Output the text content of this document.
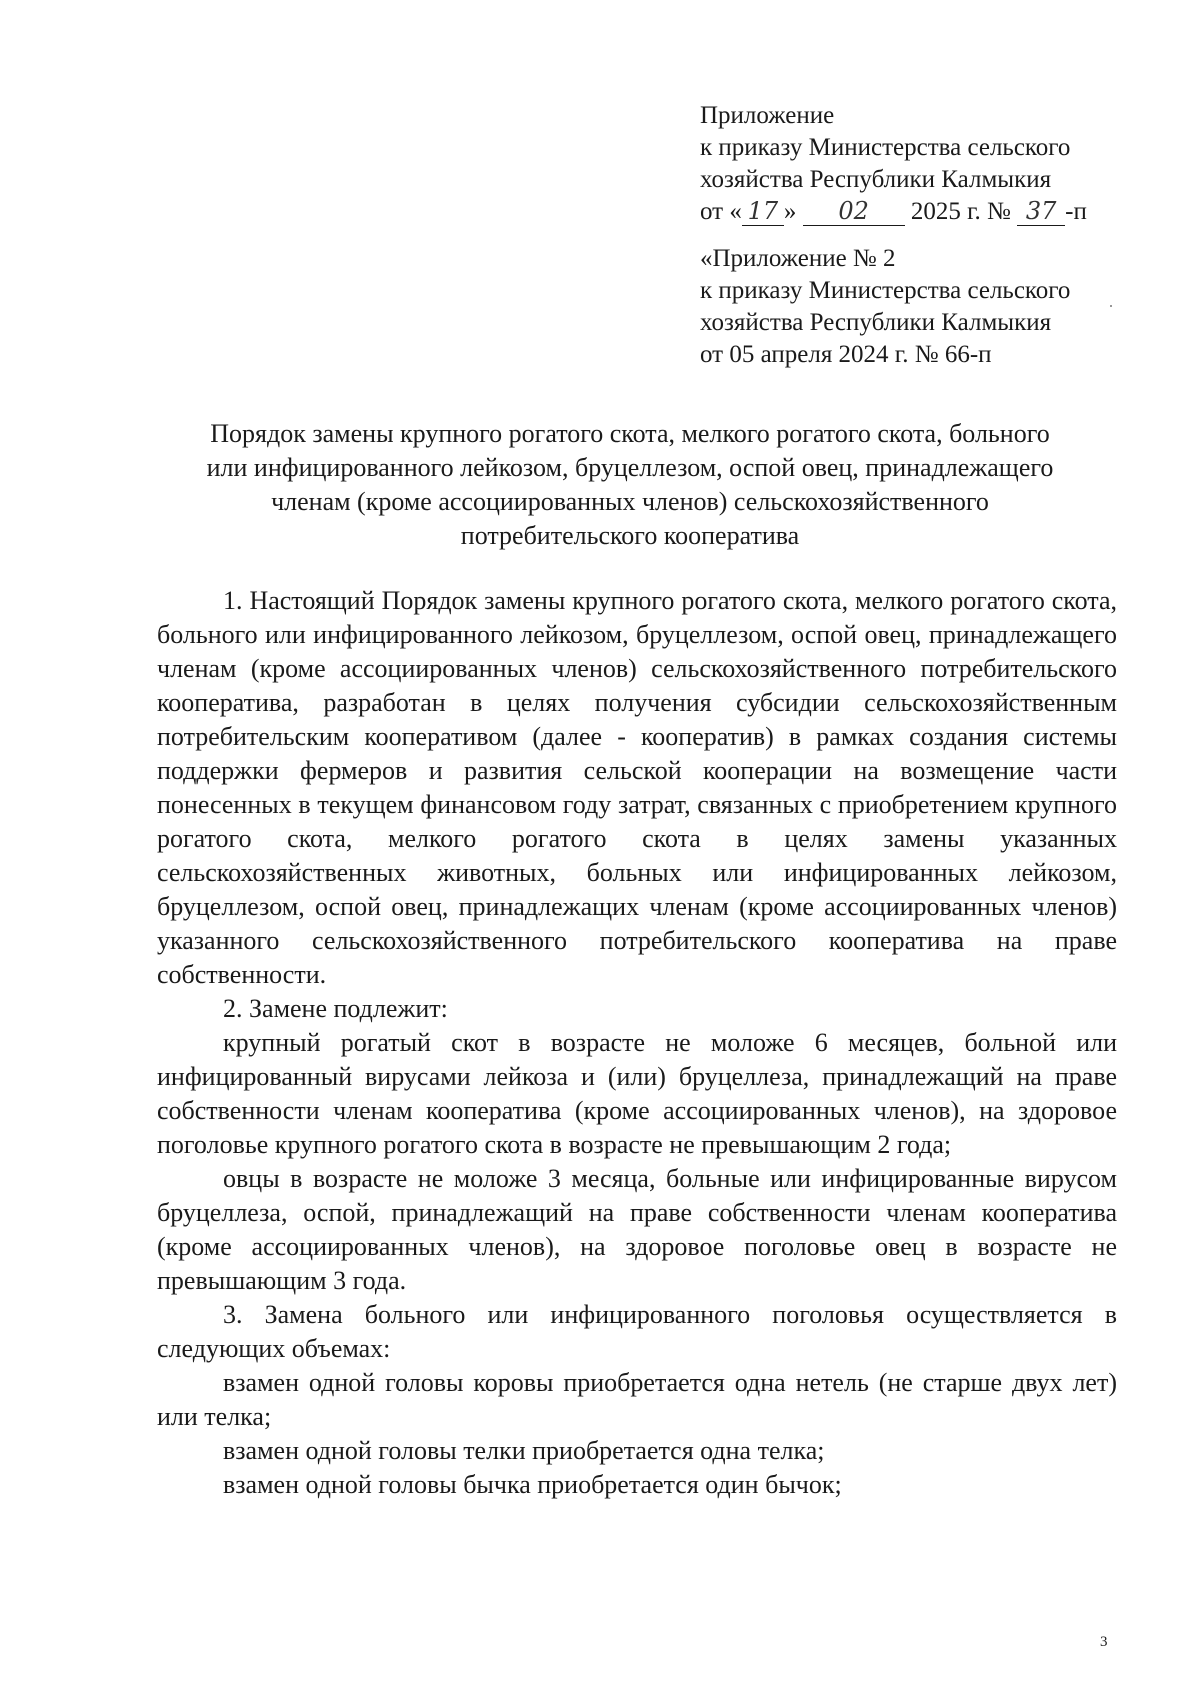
Приложение
к приказу Министерства сельского
хозяйства Республики Калмыкия
от « 17 » 02 2025 г. № 37 -п
«Приложение № 2
к приказу Министерства сельского
хозяйства Республики Калмыкия
от 05 апреля 2024 г. № 66-п
Порядок замены крупного рогатого скота, мелкого рогатого скота, больного
или инфицированного лейкозом, бруцеллезом, оспой овец, принадлежащего
членам (кроме ассоциированных членов) сельскохозяйственного
потребительского кооператива

1. Настоящий Порядок замены крупного рогатого скота, мелкого рогатого скота, больного или инфицированного лейкозом, бруцеллезом, оспой овец, принадлежащего членам (кроме ассоциированных членов) сельскохозяйственного потребительского кооператива, разработан в целях получения субсидии сельскохозяйственным потребительским кооперативом (далее - кооператив) в рамках создания системы поддержки фермеров и развития сельской кооперации на возмещение части понесенных в текущем финансовом году затрат, связанных с приобретением крупного рогатого скота, мелкого рогатого скота в целях замены указанных сельскохозяйственных животных, больных или инфицированных лейкозом, бруцеллезом, оспой овец, принадлежащих членам (кроме ассоциированных членов) указанного сельскохозяйственного потребительского кооператива на праве собственности.

2. Замене подлежит:

крупный рогатый скот в возрасте не моложе 6 месяцев, больной или инфицированный вирусами лейкоза и (или) бруцеллеза, принадлежащий на праве собственности членам кооператива (кроме ассоциированных членов), на здоровое поголовье крупного рогатого скота в возрасте не превышающим 2 года;

овцы в возрасте не моложе 3 месяца, больные или инфицированные вирусом бруцеллеза, оспой, принадлежащий на праве собственности членам кооператива (кроме ассоциированных членов), на здоровое поголовье овец в возрасте не превышающим 3 года.

3. Замена больного или инфицированного поголовья осуществляется в следующих объемах:

взамен одной головы коровы приобретается одна нетель (не старше двух лет) или телка;

взамен одной головы телки приобретается одна телка;

взамен одной головы бычка приобретается один бычок;

3
